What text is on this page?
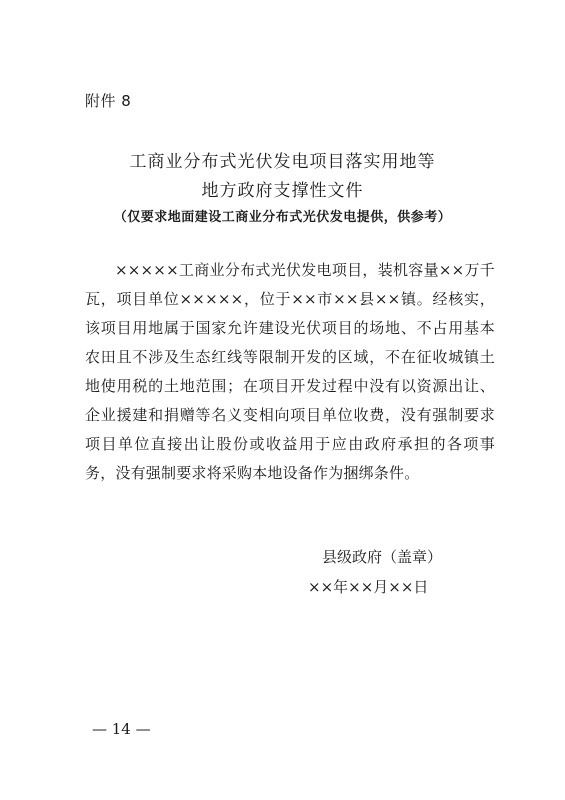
附件 8
工商业分布式光伏发电项目落实用地等
地方政府支撑性文件
（仅要求地面建设工商业分布式光伏发电提供，供参考）

×××××工商业分布式光伏发电项目，装机容量××万千瓦，项目单位×××××，位于××市××县××镇。经核实，该项目用地属于国家允许建设光伏项目的场地、不占用基本农田且不涉及生态红线等限制开发的区域，不在征收城镇土地使用税的土地范围；在项目开发过程中没有以资源出让、企业援建和捐赠等名义变相向项目单位收费，没有强制要求项目单位直接出让股份或收益用于应由政府承担的各项事务，没有强制要求将采购本地设备作为捆绑条件。

县级政府（盖章）
××年××月××日
— 14 —
